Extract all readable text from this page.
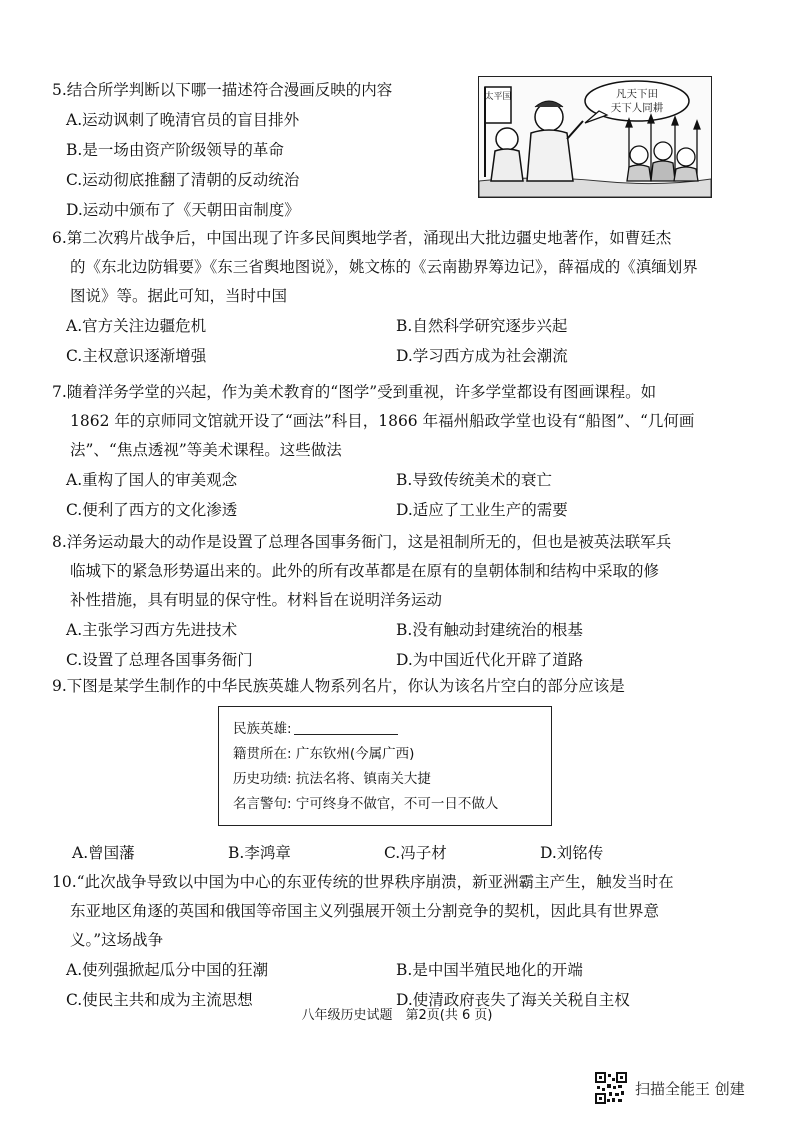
5.结合所学判断以下哪一描述符合漫画反映的内容

A.运动讽刺了晚清官员的盲目排外
B.是一场由资产阶级领导的革命
C.运动彻底推翻了清朝的反动统治
D.运动中颁布了《天朝田亩制度》
太平国	凡天下田
天下人同耕
6.第二次鸦片战争后，中国出现了许多民间舆地学者，涌现出大批边疆史地著作，如曹廷杰
的《东北边防辑要》《东三省舆地图说》，姚文栋的《云南勘界筹边记》，薛福成的《滇缅划界
图说》等。据此可知，当时中国
A.官方关注边疆危机	B.自然科学研究逐步兴起
C.主权意识逐渐增强	D.学习西方成为社会潮流
7.随着洋务学堂的兴起，作为美术教育的“图学”受到重视，许多学堂都设有图画课程。如
1862 年的京师同文馆就开设了“画法”科目，1866 年福州船政学堂也设有“船图”、“几何画
法”、“焦点透视”等美术课程。这些做法
A.重构了国人的审美观念	B.导致传统美术的衰亡
C.便利了西方的文化渗透	D.适应了工业生产的需要
8.洋务运动最大的动作是设置了总理各国事务衙门，这是祖制所无的，但也是被英法联军兵
临城下的紧急形势逼出来的。此外的所有改革都是在原有的皇朝体制和结构中采取的修
补性措施，具有明显的保守性。材料旨在说明洋务运动
A.主张学习西方先进技术	B.没有触动封建统治的根基
C.设置了总理各国事务衙门	D.为中国近代化开辟了道路
9.下图是某学生制作的中华民族英雄人物系列名片，你认为该名片空白的部分应该是
民族英雄:
籍贯所在: 广东钦州(今属广西)
历史功绩: 抗法名将、镇南关大捷
名言警句: 宁可终身不做官，不可一日不做人
A.曾国藩	B.李鸿章	C.冯子材	D.刘铭传
10.“此次战争导致以中国为中心的东亚传统的世界秩序崩溃，新亚洲霸主产生，触发当时在
东亚地区角逐的英国和俄国等帝国主义列强展开领土分割竞争的契机，因此具有世界意
义。”这场战争
A.使列强掀起瓜分中国的狂潮	B.是中国半殖民地化的开端
C.使民主共和成为主流思想	D.使清政府丧失了海关关税自主权
八年级历史试题　第2页(共 6 页)
扫描全能王 创建
